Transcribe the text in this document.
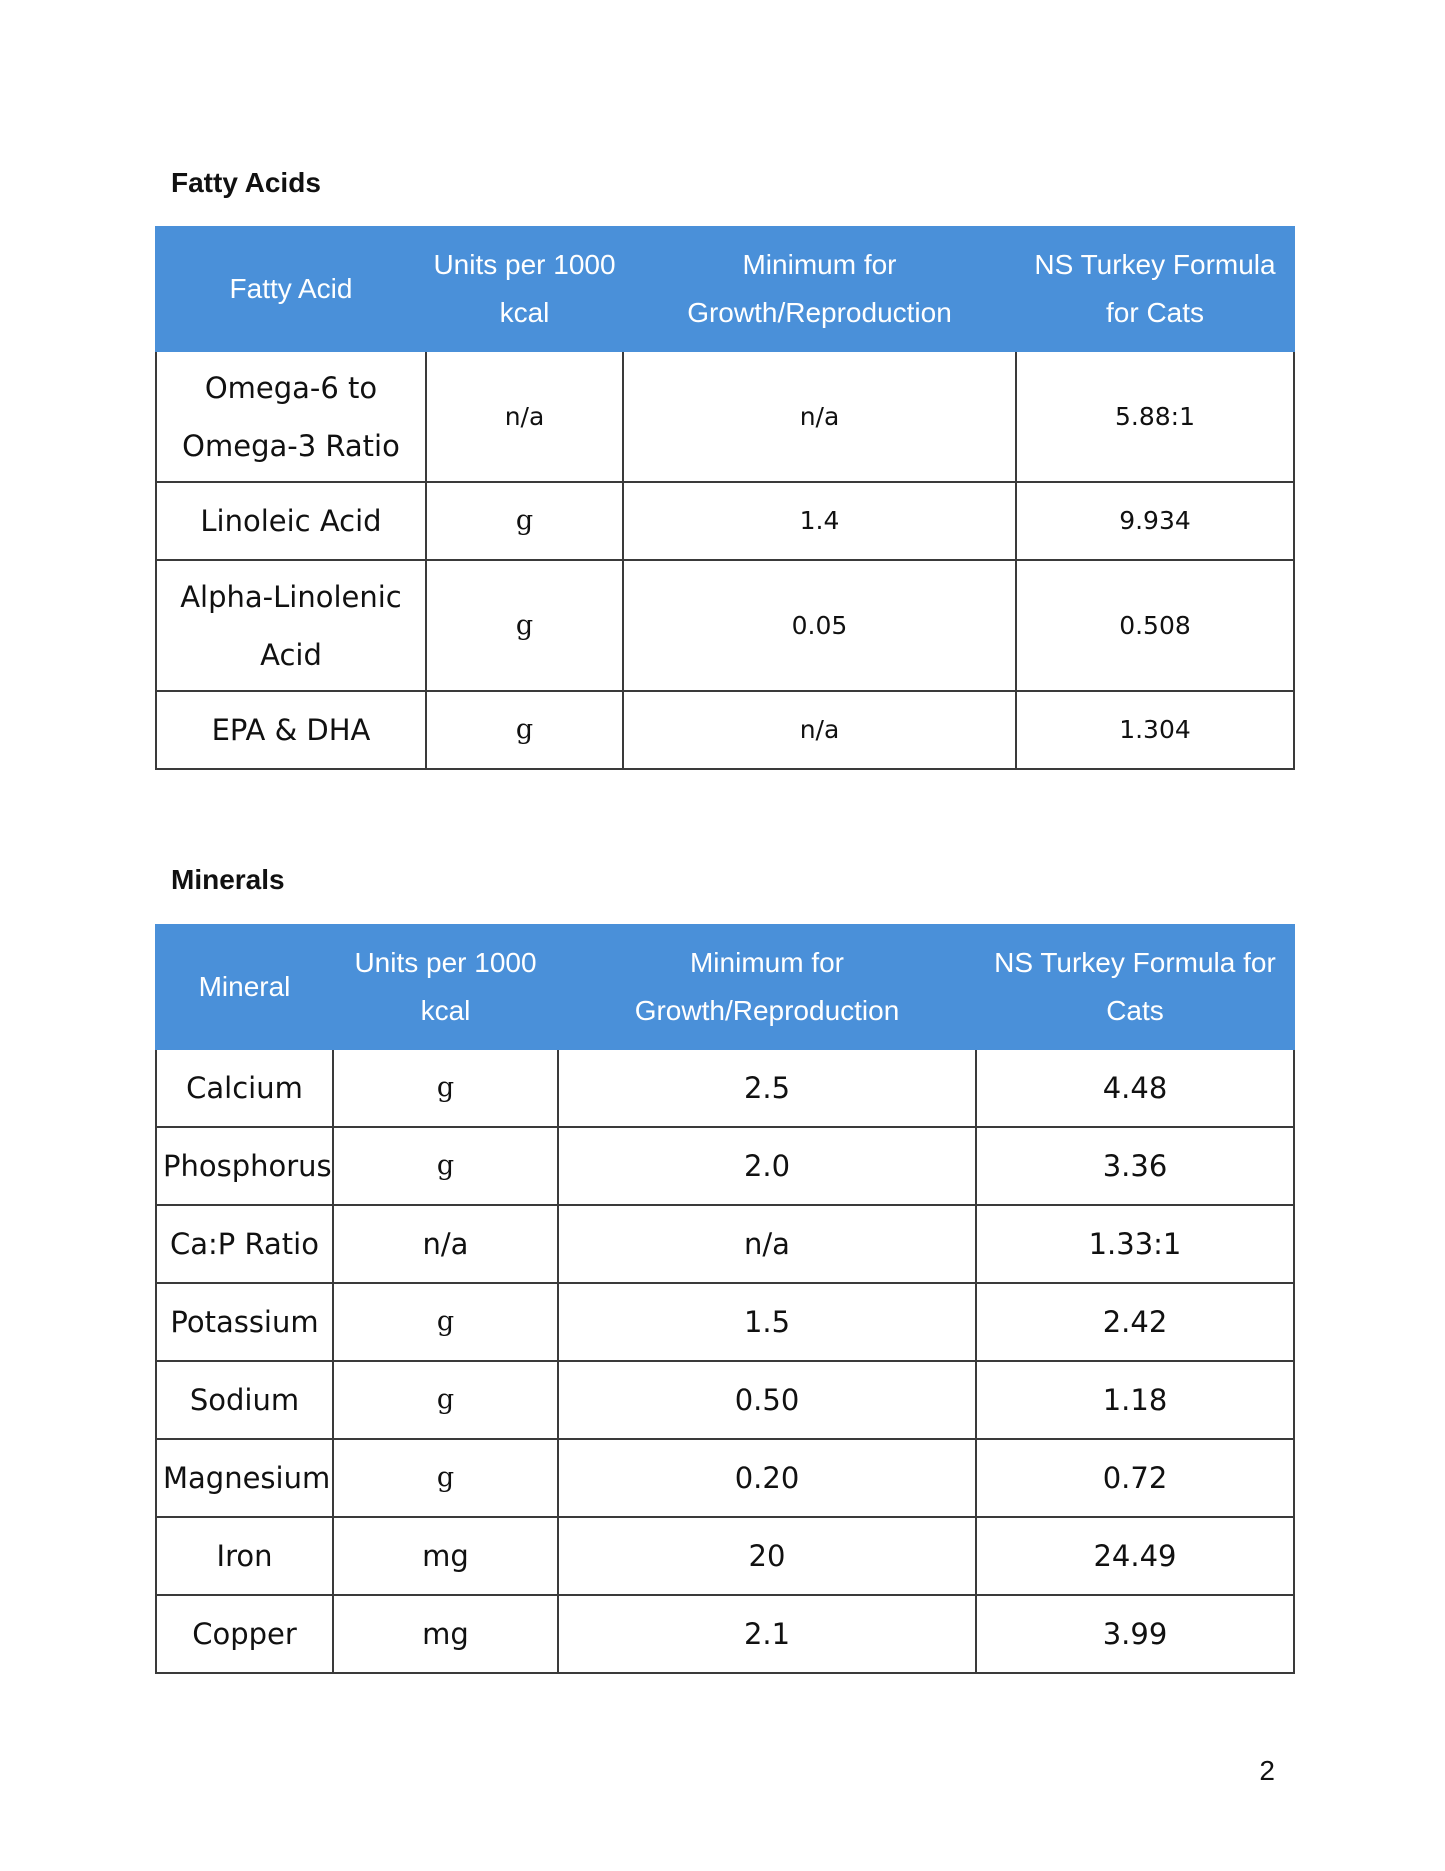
Fatty Acids
Fatty Acid	Units per 1000 kcal	Minimum for Growth/Reproduction	NS Turkey Formula for Cats
Omega-6 to Omega-3 Ratio	n/a	n/a	5.88:1
Linoleic Acid	g	1.4	9.934
Alpha-Linolenic Acid	g	0.05	0.508
EPA & DHA	g	n/a	1.304
Minerals
Mineral	Units per 1000 kcal	Minimum for Growth/Reproduction	NS Turkey Formula for Cats
Calcium	g	2.5	4.48
Phosphorus	g	2.0	3.36
Ca:P Ratio	n/a	n/a	1.33:1
Potassium	g	1.5	2.42
Sodium	g	0.50	1.18
Magnesium	g	0.20	0.72
Iron	mg	20	24.49
Copper	mg	2.1	3.99
2
